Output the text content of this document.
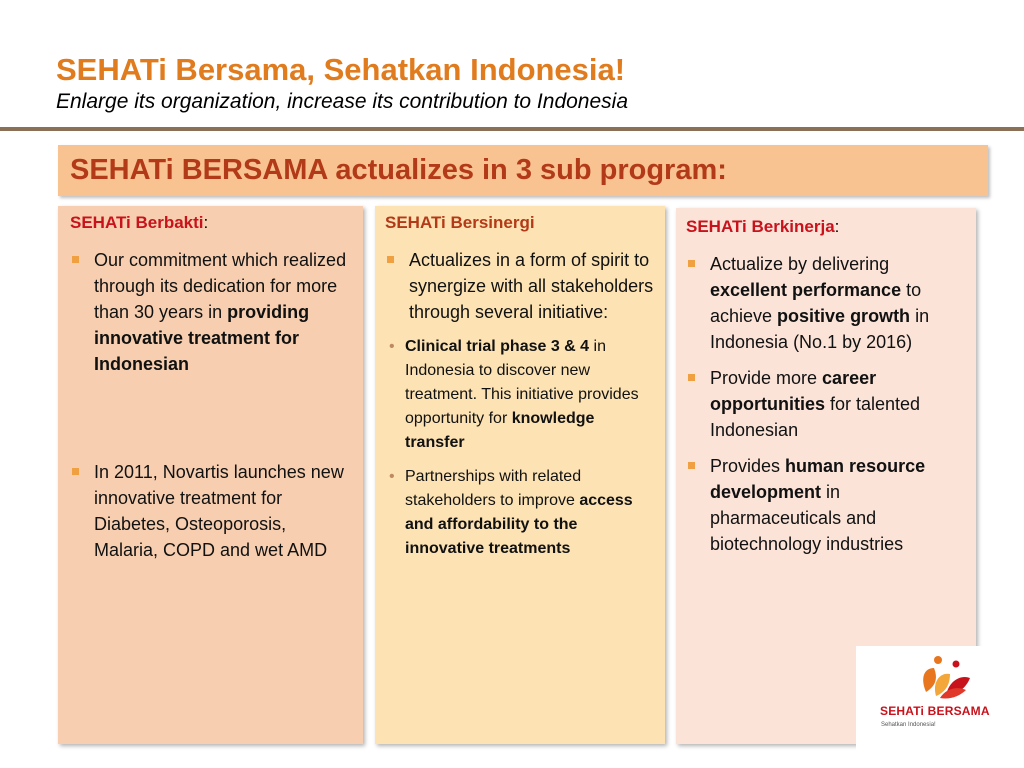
SEHATi Bersama, Sehatkan Indonesia!
Enlarge its organization, increase its contribution to Indonesia
SEHATi BERSAMA actualizes in 3 sub program:
SEHATi Berbakti:
Our commitment which realized through its dedication for more than 30 years in providing innovative treatment for Indonesian
In 2011, Novartis launches new innovative treatment for Diabetes, Osteoporosis, Malaria, COPD and wet AMD
SEHATi Bersinergi
Actualizes in a form of spirit to synergize with all stakeholders through several initiative:
• Clinical trial phase 3 & 4 in Indonesia to discover new treatment. This initiative provides opportunity for knowledge transfer
• Partnerships with related stakeholders to improve access and affordability to the innovative treatments
SEHATi Berkinerja:
Actualize by delivering excellent performance to achieve positive growth in Indonesia (No.1 by 2016)
Provide more career opportunities for talented Indonesian
Provides human resource development in pharmaceuticals and biotechnology industries
SEHATi BERSAMA
Sehatkan Indonesia!
